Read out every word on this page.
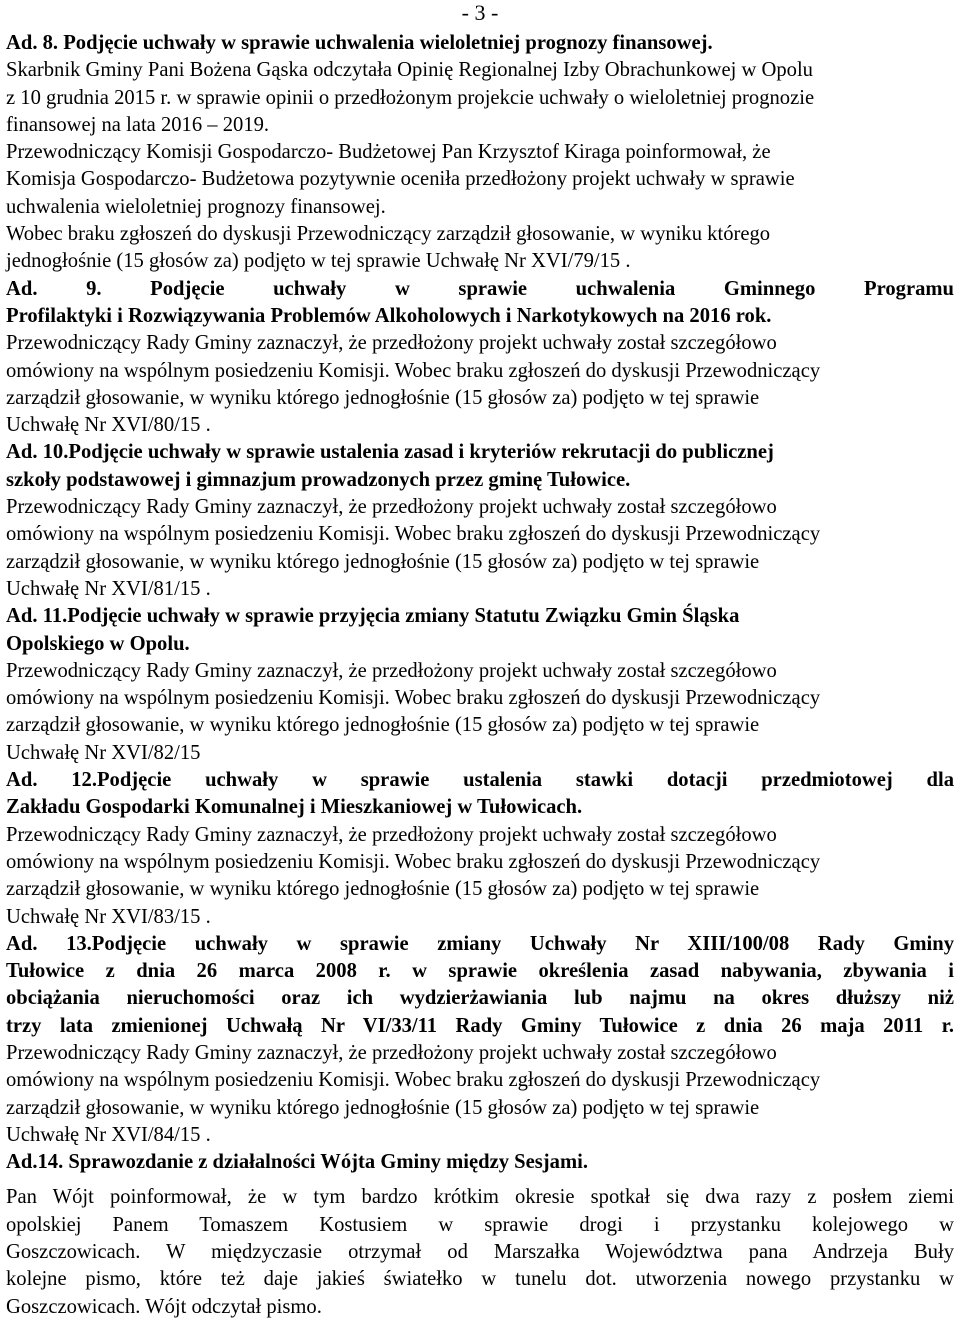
- 3 -
Ad. 8. Podjęcie uchwały w sprawie uchwalenia wieloletniej prognozy finansowej.
Skarbnik Gminy Pani Bożena Gąska odczytała Opinię Regionalnej Izby Obrachunkowej w Opolu
z 10 grudnia 2015 r. w sprawie opinii o przedłożonym projekcie uchwały o wieloletniej prognozie
finansowej na lata 2016 – 2019.
Przewodniczący Komisji Gospodarczo- Budżetowej Pan Krzysztof Kiraga poinformował, że
Komisja Gospodarczo- Budżetowa pozytywnie oceniła przedłożony projekt uchwały w sprawie
uchwalenia wieloletniej prognozy finansowej.
Wobec braku zgłoszeń do dyskusji Przewodniczący zarządził głosowanie, w wyniku którego
jednogłośnie (15 głosów za) podjęto w tej sprawie Uchwałę Nr XVI/79/15 .
Ad. 9. Podjęcie uchwały w sprawie uchwalenia Gminnego Programu
Profilaktyki i Rozwiązywania Problemów Alkoholowych i Narkotykowych na 2016 rok.
Przewodniczący Rady Gminy zaznaczył, że przedłożony projekt uchwały został szczegółowo
omówiony na wspólnym posiedzeniu Komisji. Wobec braku zgłoszeń do dyskusji Przewodniczący
zarządził głosowanie, w wyniku którego jednogłośnie (15 głosów za) podjęto w tej sprawie
Uchwałę Nr XVI/80/15 .
Ad. 10.Podjęcie uchwały w sprawie ustalenia zasad i kryteriów rekrutacji do publicznej
szkoły podstawowej i gimnazjum prowadzonych przez gminę Tułowice.
Przewodniczący Rady Gminy zaznaczył, że przedłożony projekt uchwały został szczegółowo
omówiony na wspólnym posiedzeniu Komisji. Wobec braku zgłoszeń do dyskusji Przewodniczący
zarządził głosowanie, w wyniku którego jednogłośnie (15 głosów za) podjęto w tej sprawie
Uchwałę Nr XVI/81/15 .
Ad. 11.Podjęcie uchwały w sprawie przyjęcia zmiany Statutu Związku Gmin Śląska
Opolskiego w Opolu.
Przewodniczący Rady Gminy zaznaczył, że przedłożony projekt uchwały został szczegółowo
omówiony na wspólnym posiedzeniu Komisji. Wobec braku zgłoszeń do dyskusji Przewodniczący
zarządził głosowanie, w wyniku którego jednogłośnie (15 głosów za) podjęto w tej sprawie
Uchwałę Nr XVI/82/15
Ad. 12.Podjęcie uchwały w sprawie ustalenia stawki dotacji przedmiotowej dla
Zakładu Gospodarki Komunalnej i Mieszkaniowej w Tułowicach.
Przewodniczący Rady Gminy zaznaczył, że przedłożony projekt uchwały został szczegółowo
omówiony na wspólnym posiedzeniu Komisji. Wobec braku zgłoszeń do dyskusji Przewodniczący
zarządził głosowanie, w wyniku którego jednogłośnie (15 głosów za) podjęto w tej sprawie
Uchwałę Nr XVI/83/15 .
Ad. 13.Podjęcie uchwały w sprawie zmiany Uchwały Nr XIII/100/08 Rady Gminy
Tułowice z dnia 26 marca 2008 r. w sprawie określenia zasad nabywania, zbywania i
obciążania nieruchomości oraz ich wydzierżawiania lub najmu na okres dłuższy niż
trzy lata zmienionej Uchwałą Nr VI/33/11 Rady Gminy Tułowice z dnia 26 maja 2011 r.
Przewodniczący Rady Gminy zaznaczył, że przedłożony projekt uchwały został szczegółowo
omówiony na wspólnym posiedzeniu Komisji. Wobec braku zgłoszeń do dyskusji Przewodniczący
zarządził głosowanie, w wyniku którego jednogłośnie (15 głosów za) podjęto w tej sprawie
Uchwałę Nr XVI/84/15 .
Ad.14. Sprawozdanie z działalności Wójta Gminy między Sesjami.
Pan Wójt poinformował, że w tym bardzo krótkim okresie spotkał się dwa razy z posłem ziemi
opolskiej Panem Tomaszem Kostusiem w sprawie drogi i przystanku kolejowego w
Goszczowicach. W międzyczasie otrzymał od Marszałka Województwa pana Andrzeja Buły
kolejne pismo, które też daje jakieś światełko w tunelu dot. utworzenia nowego przystanku w
Goszczowicach. Wójt odczytał pismo.
